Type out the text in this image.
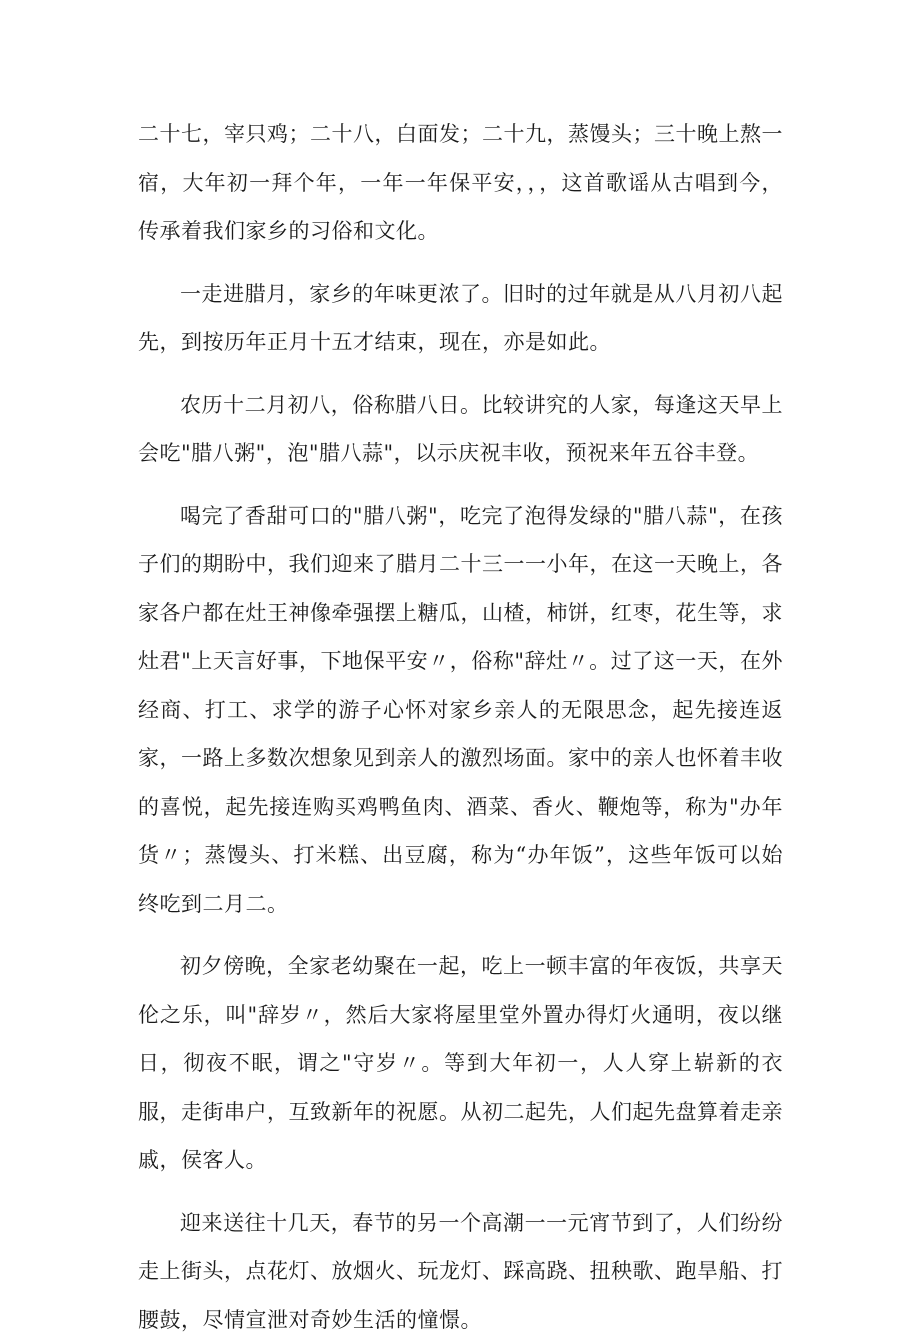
二十七，宰只鸡；二十八，白面发；二十九，蒸馒头；三十晚上熬一宿，大年初一拜个年，一年一年保平安，，，这首歌谣从古唱到今，传承着我们家乡的习俗和文化。

一走进腊月，家乡的年味更浓了。旧时的过年就是从八月初八起先，到按历年正月十五才结束，现在，亦是如此。

农历十二月初八，俗称腊八日。比较讲究的人家，每逢这天早上会吃"腊八粥"，泡"腊八蒜"，以示庆祝丰收，预祝来年五谷丰登。

喝完了香甜可口的"腊八粥"，吃完了泡得发绿的"腊八蒜"，在孩子们的期盼中，我们迎来了腊月二十三一一小年，在这一天晚上，各家各户都在灶王神像牵强摆上糖瓜，山楂，柿饼，红枣，花生等，求灶君"上天言好事，下地保平安〃，俗称"辞灶〃。过了这一天，在外经商、打工、求学的游子心怀对家乡亲人的无限思念，起先接连返家，一路上多数次想象见到亲人的激烈场面。家中的亲人也怀着丰收的喜悦，起先接连购买鸡鸭鱼肉、酒菜、香火、鞭炮等，称为"办年货〃；蒸馒头、打米糕、出豆腐，称为“办年饭”，这些年饭可以始终吃到二月二。

初夕傍晚，全家老幼聚在一起，吃上一顿丰富的年夜饭，共享天伦之乐，叫"辞岁〃，然后大家将屋里堂外置办得灯火通明，夜以继日，彻夜不眠，谓之"守岁〃。等到大年初一，人人穿上崭新的衣服，走街串户，互致新年的祝愿。从初二起先，人们起先盘算着走亲戚，侯客人。

迎来送往十几天，春节的另一个高潮一一元宵节到了，人们纷纷走上街头，点花灯、放烟火、玩龙灯、踩高跷、扭秧歌、跑旱船、打腰鼓，尽情宣泄对奇妙生活的憧憬。
